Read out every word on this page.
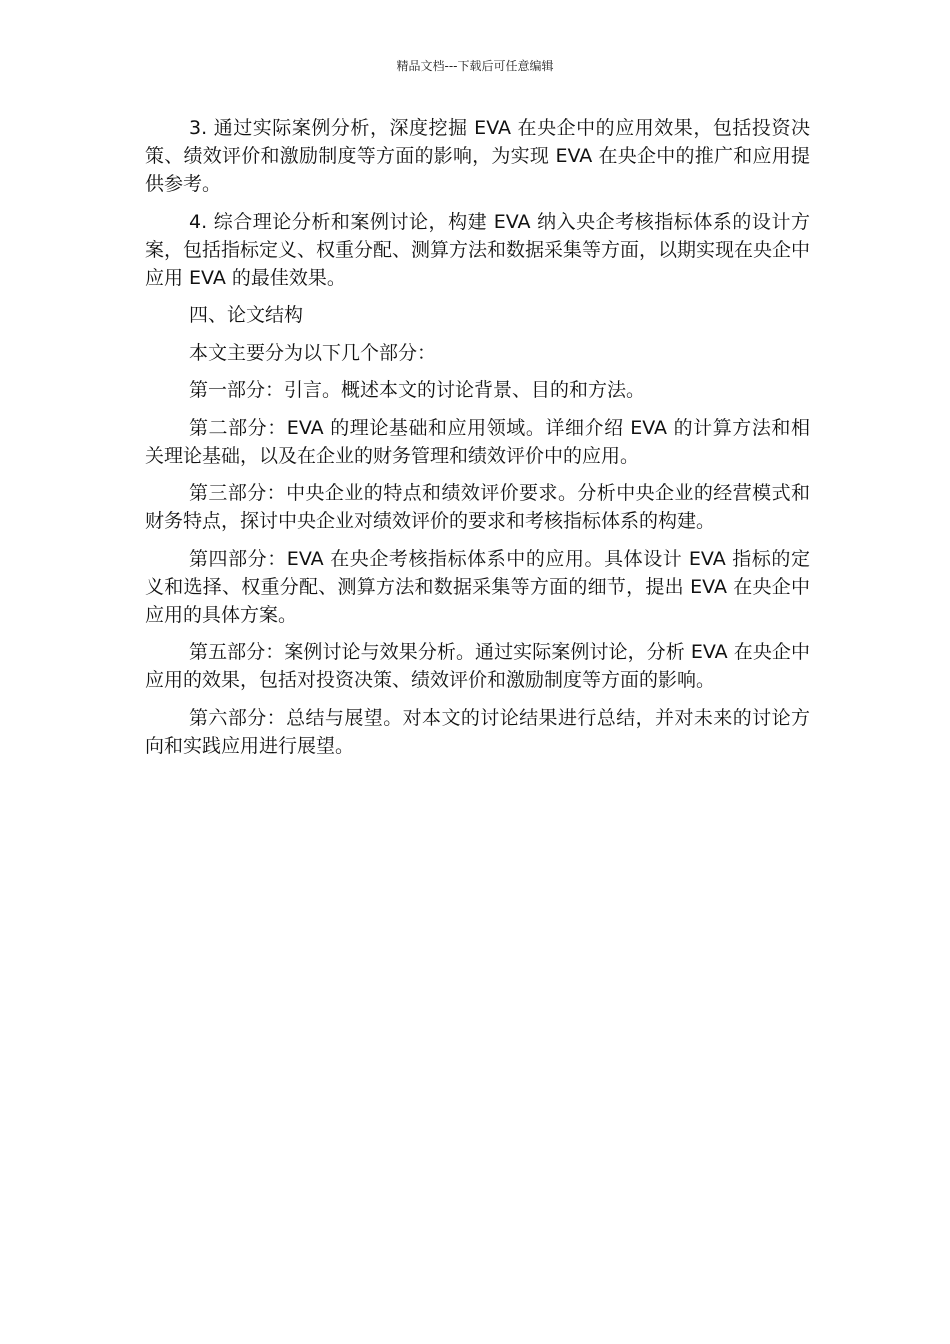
精品文档---下载后可任意编辑

3. 通过实际案例分析，深度挖掘 EVA 在央企中的应用效果，包括投资决策、绩效评价和激励制度等方面的影响，为实现 EVA 在央企中的推广和应用提供参考。

4. 综合理论分析和案例讨论，构建 EVA 纳入央企考核指标体系的设计方案，包括指标定义、权重分配、测算方法和数据采集等方面，以期实现在央企中应用 EVA 的最佳效果。

四、论文结构

本文主要分为以下几个部分：

第一部分：引言。概述本文的讨论背景、目的和方法。

第二部分：EVA 的理论基础和应用领域。详细介绍 EVA 的计算方法和相关理论基础，以及在企业的财务管理和绩效评价中的应用。

第三部分：中央企业的特点和绩效评价要求。分析中央企业的经营模式和财务特点，探讨中央企业对绩效评价的要求和考核指标体系的构建。

第四部分：EVA 在央企考核指标体系中的应用。具体设计 EVA 指标的定义和选择、权重分配、测算方法和数据采集等方面的细节，提出 EVA 在央企中应用的具体方案。

第五部分：案例讨论与效果分析。通过实际案例讨论，分析 EVA 在央企中应用的效果，包括对投资决策、绩效评价和激励制度等方面的影响。

第六部分：总结与展望。对本文的讨论结果进行总结，并对未来的讨论方向和实践应用进行展望。
